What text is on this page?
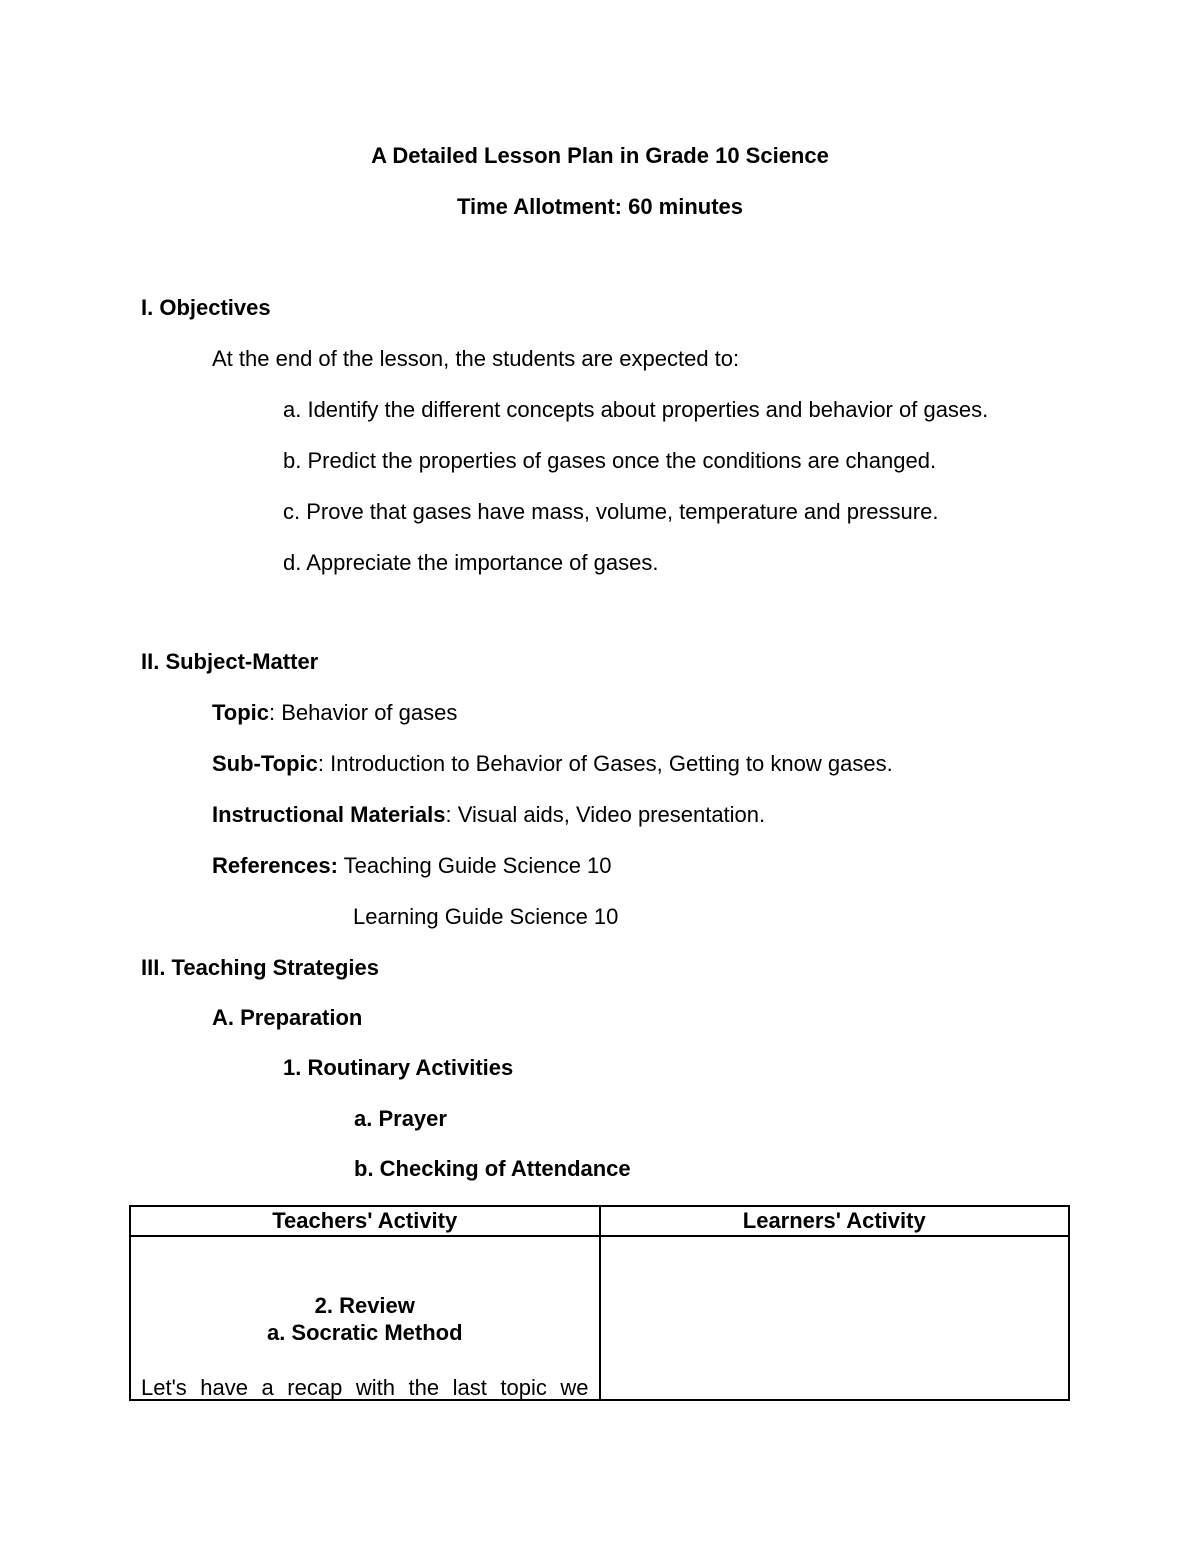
A Detailed Lesson Plan in Grade 10 Science
Time Allotment: 60 minutes
I. Objectives
At the end of the lesson, the students are expected to:
a. Identify the different concepts about properties and behavior of gases.
b. Predict the properties of gases once the conditions are changed.
c. Prove that gases have mass, volume, temperature and pressure.
d. Appreciate the importance of gases.
II. Subject-Matter
Topic: Behavior of gases
Sub-Topic: Introduction to Behavior of Gases, Getting to know gases.
Instructional Materials: Visual aids, Video presentation.
References: Teaching Guide Science 10
Learning Guide Science 10
III. Teaching Strategies
A. Preparation
1. Routinary Activities
a. Prayer
b. Checking of Attendance
Teachers' Activity	Learners' Activity

2. Review
a. Socratic Method
Let's have a recap with the last topic we	
